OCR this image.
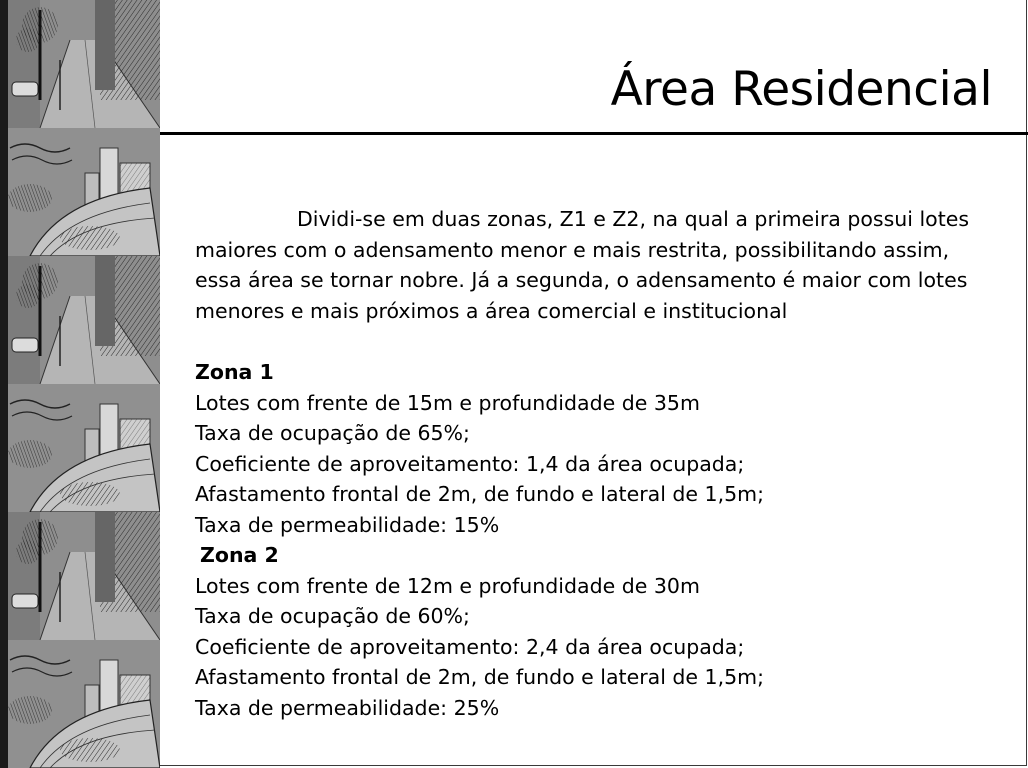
Área Residencial

Dividi-se em duas zonas, Z1 e Z2, na qual a primeira possui lotes maiores com o adensamento menor e mais restrita, possibilitando assim, essa área se tornar nobre. Já a segunda, o adensamento é maior com lotes menores e mais próximos a área comercial e institucional

Zona 1

Lotes com frente de 15m e profundidade de 35m

Taxa de ocupação de 65%;

Coeficiente de aproveitamento: 1,4 da área ocupada;

Afastamento frontal de 2m, de fundo e lateral de 1,5m;

Taxa de permeabilidade: 15%

Zona 2

Lotes com frente de 12m e profundidade de 30m

Taxa de ocupação de 60%;

Coeficiente de aproveitamento: 2,4 da área ocupada;

Afastamento frontal de 2m, de fundo e lateral de 1,5m;

Taxa de permeabilidade: 25%
